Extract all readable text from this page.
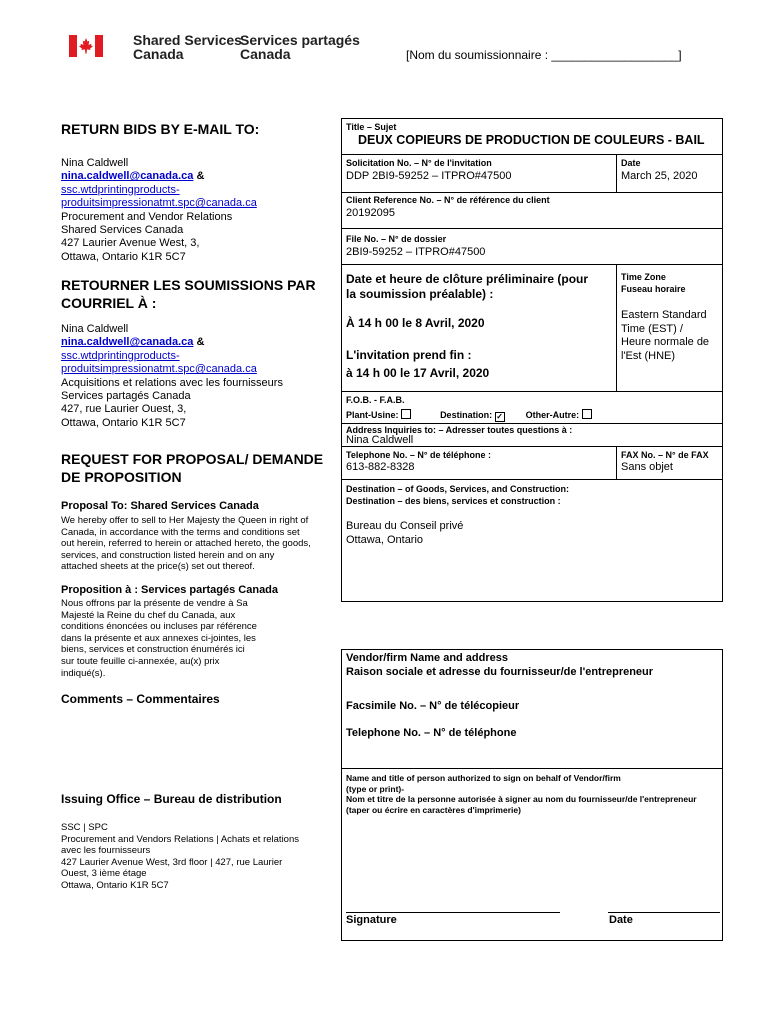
Shared Services
Canada
Services partagés
Canada	[Nom du soumissionnaire : ___________________]
RETURN BIDS BY E-MAIL TO:
Nina Caldwell
nina.caldwell@canada.ca &
ssc.wtdprintingproducts-
produitsimpressionatmt.spc@canada.ca
Procurement and Vendor Relations
Shared Services Canada
427 Laurier Avenue West, 3,
Ottawa, Ontario K1R 5C7
RETOURNER LES SOUMISSIONS PAR
COURRIEL À :
Nina Caldwell
nina.caldwell@canada.ca &
ssc.wtdprintingproducts-
produitsimpressionatmt.spc@canada.ca
Acquisitions et relations avec les fournisseurs
Services partagés Canada
427, rue Laurier Ouest, 3,
Ottawa, Ontario K1R 5C7
REQUEST FOR PROPOSAL/ DEMANDE
DE PROPOSITION
Proposal To: Shared Services Canada
We hereby offer to sell to Her Majesty the Queen in right of
Canada, in accordance with the terms and conditions set
out herein, referred to herein or attached hereto, the goods,
services, and construction listed herein and on any
attached sheets at the price(s) set out thereof.
Proposition à : Services partagés Canada
Nous offrons par la présente de vendre à Sa
Majesté la Reine du chef du Canada, aux
conditions énoncées ou incluses par référence
dans la présente et aux annexes ci-jointes, les
biens, services et construction énumérés ici
sur toute feuille ci-annexée, au(x) prix
indiqué(s).
Comments – Commentaires
Issuing Office – Bureau de distribution
SSC | SPC
Procurement and Vendors Relations | Achats et relations
avec les fournisseurs
427 Laurier Avenue West, 3rd floor | 427, rue Laurier
Ouest, 3 ième étage
Ottawa, Ontario K1R 5C7
Title – Sujet
DEUX COPIEURS DE PRODUCTION DE COULEURS - BAIL
Solicitation No. – N° de l'invitation
DDP 2BI9-59252 – ITPRO#47500
Date
March 25, 2020
Client Reference No. – N° de référence du client
20192095
File No. – N° de dossier
2BI9-59252 – ITPRO#47500
Date et heure de clôture préliminaire (pour
la soumission préalable) :
À 14 h 00 le 8 Avril, 2020
L'invitation prend fin :
à 14 h 00 le 17 Avril, 2020
Time Zone
Fuseau horaire
Eastern Standard
Time (EST) /
Heure normale de
l'Est (HNE)
F.O.B. - F.A.B.
Plant-Usine:	Destination: ✓	Other-Autre:
Address Inquiries to: – Adresser toutes questions à :
Nina Caldwell
Telephone No. – N° de téléphone :
613-882-8328
FAX No. – N° de FAX
Sans objet
Destination – of Goods, Services, and Construction:
Destination – des biens, services et construction :
Bureau du Conseil privé
Ottawa, Ontario
Vendor/firm Name and address
Raison sociale et adresse du fournisseur/de l'entrepreneur
Facsimile No. – N° de télécopieur
Telephone No. – N° de téléphone
Name and title of person authorized to sign on behalf of Vendor/firm
(type or print)-
Nom et titre de la personne autorisée à signer au nom du fournisseur/de l'entrepreneur
(taper ou écrire en caractères d'imprimerie)
Signature	Date
